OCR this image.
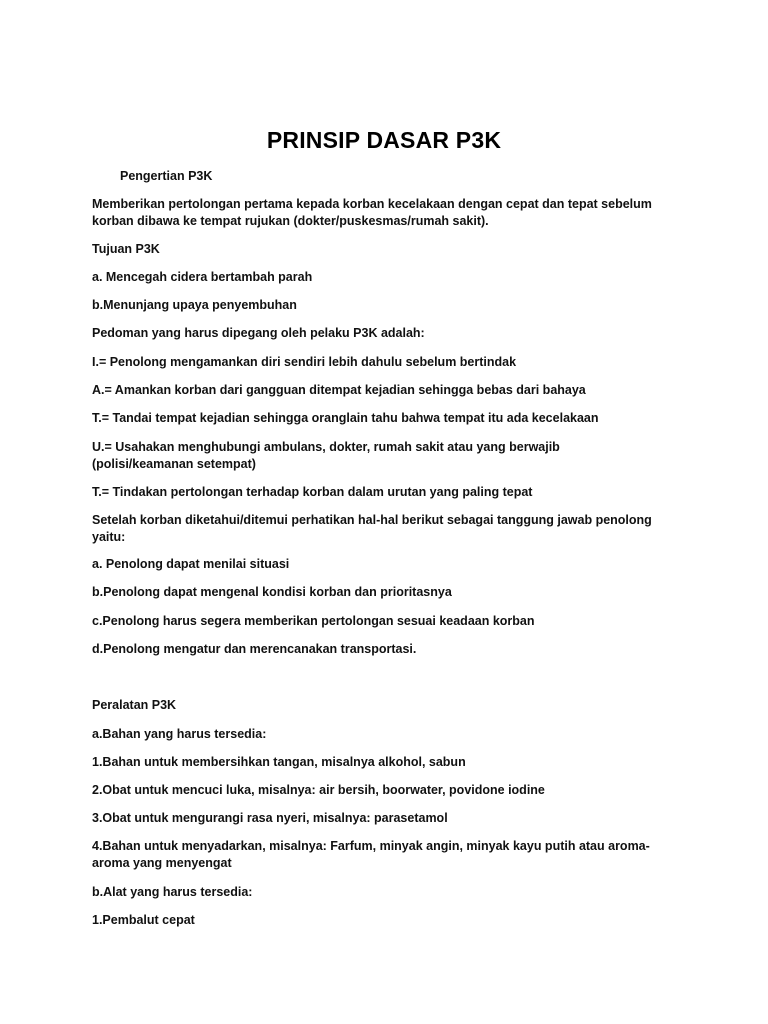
PRINSIP DASAR P3K

Pengertian P3K

Memberikan pertolongan pertama kepada korban kecelakaan dengan cepat dan tepat sebelum

korban dibawa ke tempat rujukan (dokter/puskesmas/rumah sakit).

Tujuan P3K

a. Mencegah cidera bertambah parah

b.Menunjang upaya penyembuhan

Pedoman yang harus dipegang oleh pelaku P3K adalah:

I.= Penolong mengamankan diri sendiri lebih dahulu sebelum bertindak

A.= Amankan korban dari gangguan ditempat kejadian sehingga bebas dari bahaya

T.= Tandai tempat kejadian sehingga oranglain tahu bahwa tempat itu ada kecelakaan

U.= Usahakan menghubungi ambulans, dokter, rumah sakit atau yang berwajib

(polisi/keamanan setempat)

T.= Tindakan pertolongan terhadap korban dalam urutan yang paling tepat

Setelah korban diketahui/ditemui perhatikan hal-hal berikut sebagai tanggung jawab penolong

yaitu:

a. Penolong dapat menilai situasi

b.Penolong dapat mengenal kondisi korban dan prioritasnya

c.Penolong harus segera memberikan pertolongan sesuai keadaan korban

d.Penolong mengatur dan merencanakan transportasi.

Peralatan P3K

a.Bahan yang harus tersedia:

1.Bahan untuk membersihkan tangan, misalnya alkohol, sabun

2.Obat untuk mencuci luka, misalnya: air bersih, boorwater, povidone iodine

3.Obat untuk mengurangi rasa nyeri, misalnya: parasetamol

4.Bahan untuk menyadarkan, misalnya: Farfum, minyak angin, minyak kayu putih atau aroma-

aroma yang menyengat

b.Alat yang harus tersedia:

1.Pembalut cepat
